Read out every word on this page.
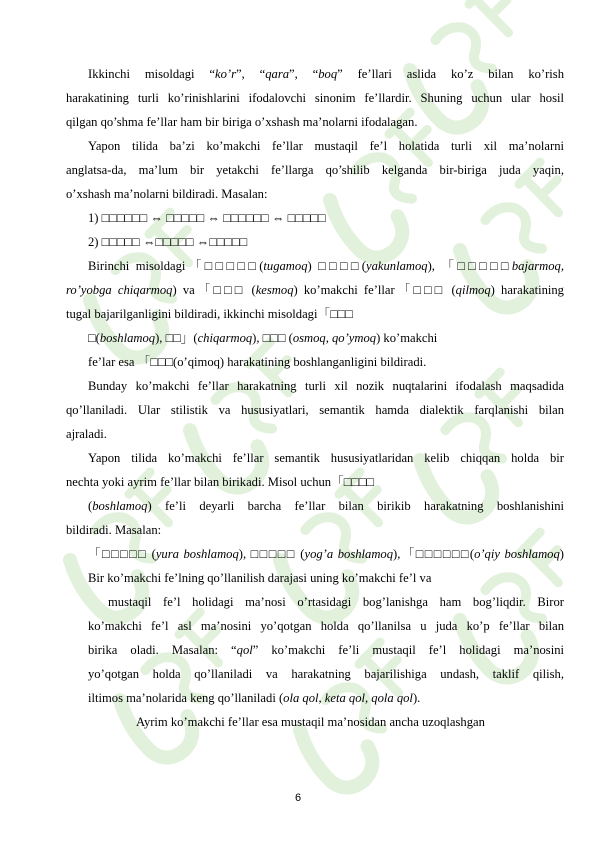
Ikkinchi misoldagi “ko’r”, “qara”, “boq” fe’llari aslida ko’z bilan ko’rish
harakatining turli ko’rinishlarini ifodalovchi sinonim fe’llardir. Shuning uchun ular hosil
qilgan qo’shma fe’llar ham bir biriga o’xshash ma’nolarni ifodalagan.
Yapon tilida ba’zi ko’makchi fe’llar mustaqil fe’l holatida turli xil ma’nolarni
anglatsa-da, ma’lum bir yetakchi fe’llarga qo’shilib kelganda bir-biriga juda yaqin,
o’xshash ma’nolarni bildiradi. Masalan:
1) □□□□□□ ⇔ □□□□□ ⇔ □□□□□□ ⇔ □□□□□
2) □□□□□ ⇔□□□□□ ⇔□□□□□
Birinchi misoldagi「□□□□□(tugamoq) □□□□(yakunlamoq), 「□□□□□bajarmoq,
ro’yobga chiqarmoq) va「□□□ (kesmoq) ko’makchi fe’llar「□□□ (qilmoq) harakatining
tugal bajarilganligini bildiradi, ikkinchi misoldagi「□□□
□(boshlamoq), □□」(chiqarmoq), □□□ (osmoq, qo’ymoq) ko’makchi
fe’lar esa 「□□□(o’qimoq) harakatining boshlanganligini bildiradi.
Bunday ko’makchi fe’llar harakatning turli xil nozik nuqtalarini ifodalash maqsadida
qo’llaniladi. Ular stilistik va hususiyatlari, semantik hamda dialektik farqlanishi bilan
ajraladi.
Yapon tilida ko’makchi fe’llar semantik hususiyatlaridan kelib chiqqan holda bir
nechta yoki ayrim fe’llar bilan birikadi. Misol uchun「□□□□
(boshlamoq) fe’li deyarli barcha fe’llar bilan birikib harakatning boshlanishini
bildiradi. Masalan:
「□□□□□ (yura boshlamoq), □□□□□ (yog’a boshlamoq),「□□□□□□(o’qiy boshlamoq)
Bir ko’makchi fe’lning qo’llanilish darajasi uning ko’makchi fe’l va
mustaqil fe’l holidagi ma’nosi o’rtasidagi bog’lanishga ham bog’liqdir. Biror
ko’makchi fe’l asl ma’nosini yo’qotgan holda qo’llanilsa u juda ko’p fe’llar bilan
birika oladi. Masalan: “qol” ko’makchi fe’li mustaqil fe’l holidagi ma’nosini
yo’qotgan holda qo’llaniladi va harakatning bajarilishiga undash, taklif qilish,
iltimos ma’nolarida keng qo’llaniladi (ola qol, keta qol, qola qol).
Ayrim ko’makchi fe’llar esa mustaqil ma’nosidan ancha uzoqlashgan
6
